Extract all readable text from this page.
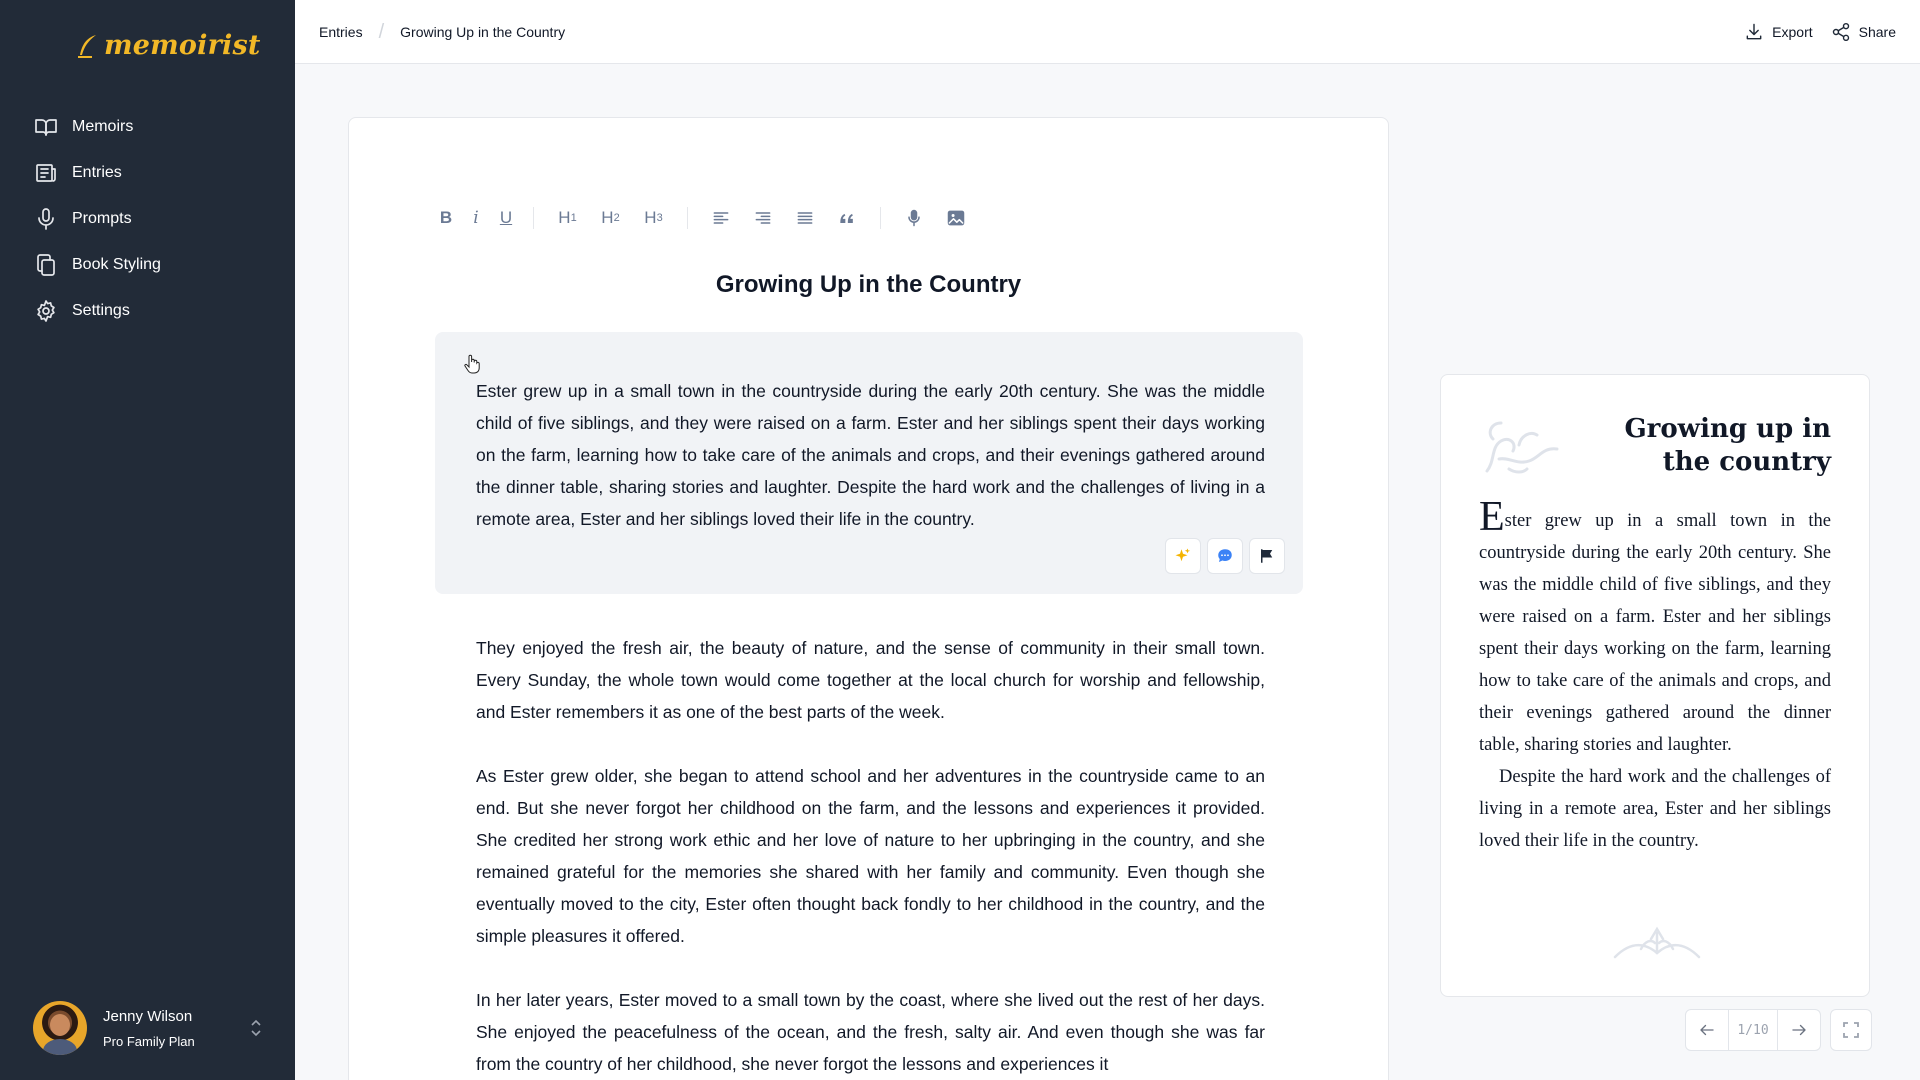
memoirist
Memoirs
Entries
Prompts
Book Styling
Settings
Jenny Wilson
Pro Family Plan
Entries / Growing Up in the Country	Export	Share
B	i	U	H 1	H 2	H 3
Growing Up in the Country

Ester grew up in a small town in the countryside during the early 20th century. She was the middle child of five siblings, and they were raised on a farm. Ester and her siblings spent their days working on the farm, learning how to take care of the animals and crops, and their evenings gathered around the dinner table, sharing stories and laughter. Despite the hard work and the challenges of living in a remote area, Ester and her siblings loved their life in the country.

They enjoyed the fresh air, the beauty of nature, and the sense of community in their small town. Every Sunday, the whole town would come together at the local church for worship and fellowship, and Ester remembers it as one of the best parts of the week.

As Ester grew older, she began to attend school and her adventures in the countryside came to an end. But she never forgot her childhood on the farm, and the lessons and experiences it provided. She credited her strong work ethic and her love of nature to her upbringing in the country, and she remained grateful for the memories she shared with her family and community. Even though she eventually moved to the city, Ester often thought back fondly to her childhood in the country, and the simple pleasures it offered.

In her later years, Ester moved to a small town by the coast, where she lived out the rest of her days. She enjoyed the peacefulness of the ocean, and the fresh, salty air. And even though she was far from the country of her childhood, she never forgot the lessons and experiences it

Growing up in the country

Ester grew up in a small town in the countryside during the early 20th century. She was the middle child of five siblings, and they were raised on a farm. Ester and her siblings spent their days working on the farm, learning how to take care of the animals and crops, and their evenings gathered around the dinner table, sharing stories and laughter.

Despite the hard work and the challenges of living in a remote area, Ester and her siblings loved their life in the country.

1/10
